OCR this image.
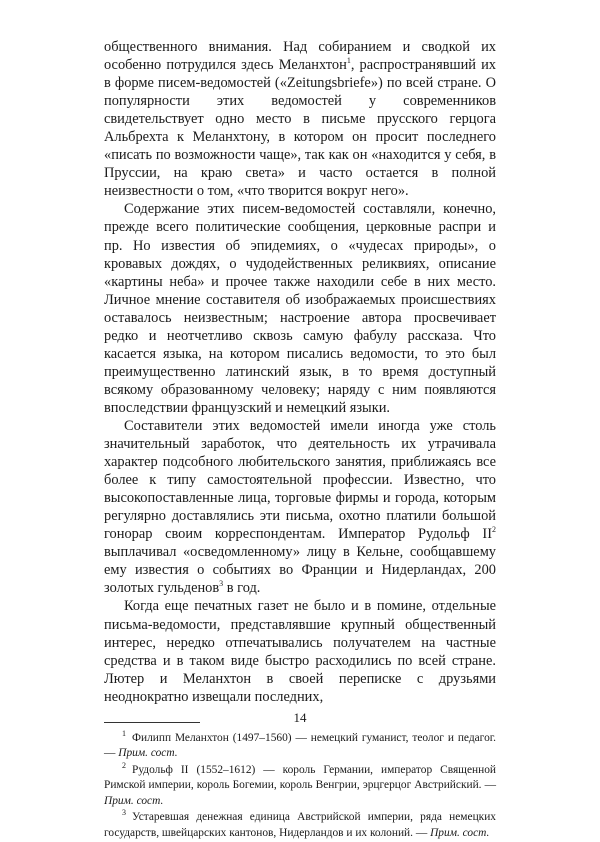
общественного внимания. Над собиранием и сводкой их особенно потрудился здесь Меланхтон$^1$, распространявший их в форме писем-ведомостей («Zeitungsbriefe») по всей стране. О популярности этих ведомостей у современников свидетельствует одно место в письме прусского герцога Альбрехта к Меланхтону, в котором он просит последнего «писать по возможности чаще», так как он «находится у себя, в Пруссии, на краю света» и часто остается в полной неизвестности о том, «что творится вокруг него».

Содержание этих писем-ведомостей составляли, конечно, прежде всего политические сообщения, церковные распри и пр. Но известия об эпидемиях, о «чудесах природы», о кровавых дождях, о чудодейственных реликвиях, описание «картины неба» и прочее также находили себе в них место. Личное мнение составителя об изображаемых происшествиях оставалось неизвестным; настроение автора просвечивает редко и неотчетливо сквозь самую фабулу рассказа. Что касается языка, на котором писались ведомости, то это был преимущественно латинский язык, в то время доступный всякому образованному человеку; наряду с ним появляются впоследствии французский и немецкий языки.

Составители этих ведомостей имели иногда уже столь значительный заработок, что деятельность их утрачивала характер подсобного любительского занятия, приближаясь все более к типу самостоятельной профессии. Известно, что высокопоставленные лица, торговые фирмы и города, которым регулярно доставлялись эти письма, охотно платили большой гонорар своим корреспондентам. Император Рудольф $II^2$ выплачивал «осведомленному» лицу в Кельне, сообщавшему ему известия о событиях во Франции и Нидерландах, 200 золотых гульденов$^3$ в год.

Когда еще печатных газет не было и в помине, отдельные письма-ведомости, представлявшие крупный общественный интерес, нередко отпечатывались получателем на частные средства и в таком виде быстро расходились по всей стране. Лютер и Меланхтон в своей переписке с друзьями неоднократно извещали последних,

$^1$ Филипп Меланхтон (1497–1560) — немецкий гуманист, теолог и педагог. — Прим. сост.

$^2$ Рудольф II (1552–1612) — король Германии, император Священной Римской империи, король Богемии, король Венгрии, эрцгерцог Австрийский. — Прим. сост.

$^3$ Устаревшая денежная единица Австрийской империи, ряда немецких государств, швейцарских кантонов, Нидерландов и их колоний. — Прим. сост.

14
